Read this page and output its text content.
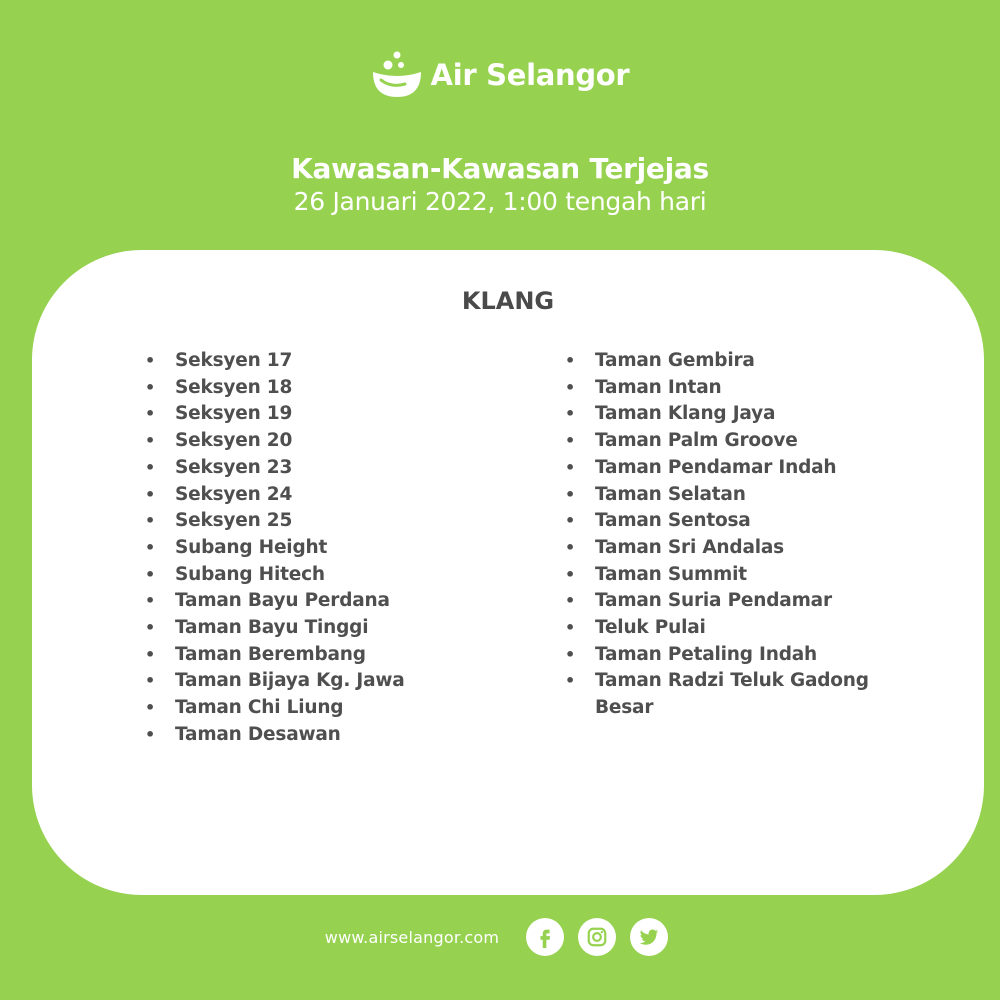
Air Selangor
Kawasan-Kawasan Terjejas
26 Januari 2022, 1:00 tengah hari
KLANG
• Seksyen 17
• Seksyen 18
• Seksyen 19
• Seksyen 20
• Seksyen 23
• Seksyen 24
• Seksyen 25
• Subang Height
• Subang Hitech
• Taman Bayu Perdana
• Taman Bayu Tinggi
• Taman Berembang
• Taman Bijaya Kg. Jawa
• Taman Chi Liung
• Taman Desawan
• Taman Gembira
• Taman Intan
• Taman Klang Jaya
• Taman Palm Groove
• Taman Pendamar Indah
• Taman Selatan
• Taman Sentosa
• Taman Sri Andalas
• Taman Summit
• Taman Suria Pendamar
• Teluk Pulai
• Taman Petaling Indah
• Taman Radzi Teluk Gadong Besar
www.airselangor.com
